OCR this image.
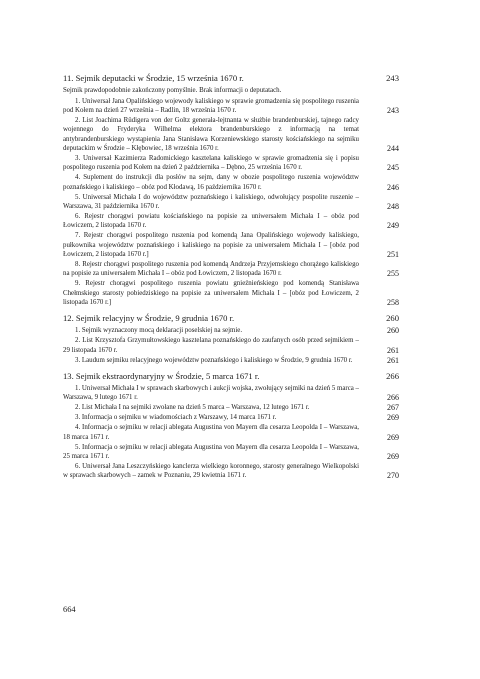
11. Sejmik deputacki w Środzie, 15 września 1670 r.	243
Sejmik prawdopodobnie zakończony pomyślnie. Brak informacji o deputatach.
1. Uniwersał Jana Opalińskiego wojewody kaliskiego w sprawie gromadzenia się pospolitego ruszenia pod Kołem na dzień 27 września – Radlin, 18 września 1670 r.	243
2. List Joachima Rüdigera von der Goltz generała-lejtnanta w służbie brandenburskiej, tajnego radcy wojennego do Fryderyka Wilhelma elektora brandenburskiego z informacją na temat antybrandenburskiego wystąpienia Jana Stanisława Korzeniewskiego starosty kościańskiego na sejmiku deputackim w Środzie – Kłębowiec, 18 września 1670 r.	244
3. Uniwersał Kazimierza Radomickiego kasztelana kaliskiego w sprawie gromadzenia się i popisu pospolitego ruszenia pod Kołem na dzień 2 października – Dębno, 25 września 1670 r.	245
4. Suplement do instrukcji dla posłów na sejm, dany w obozie pospolitego ruszenia województw poznańskiego i kaliskiego – obóz pod Kłodawą, 16 października 1670 r.	246
5. Uniwersał Michała I do województw poznańskiego i kaliskiego, odwołujący pospolite ruszenie – Warszawa, 31 października 1670 r.	248
6. Rejestr chorągwi powiatu kościańskiego na popisie za uniwersałem Michała I – obóz pod Łowiczem, 2 listopada 1670 r.	249
7. Rejestr chorągwi pospolitego ruszenia pod komendą Jana Opalińskiego wojewody kaliskiego, pułkownika województw poznańskiego i kaliskiego na popisie za uniwersałem Michała I – [obóz pod Łowiczem, 2 listopada 1670 r.]	251
8. Rejestr chorągwi pospolitego ruszenia pod komendą Andrzeja Przyjemskiego chorążego kaliskiego na popisie za uniwersałem Michała I – obóz pod Łowiczem, 2 listopada 1670 r.	255
9. Rejestr chorągwi pospolitego ruszenia powiatu gnieźnieńskiego pod komendą Stanisława Chełmskiego starosty pobiedziskiego na popisie za uniwersałem Michała I – [obóz pod Łowiczem, 2 listopada 1670 r.]	258
12. Sejmik relacyjny w Środzie, 9 grudnia 1670 r.	260
1. Sejmik wyznaczony mocą deklaracji poselskiej na sejmie.	260
2. List Krzysztofa Grzymułtowskiego kasztelana poznańskiego do zaufanych osób przed sejmikiem – 29 listopada 1670 r.	261
3. Laudum sejmiku relacyjnego województw poznańskiego i kaliskiego w Środzie, 9 grudnia 1670 r.	261
13. Sejmik ekstraordynaryjny w Środzie, 5 marca 1671 r.	266
1. Uniwersał Michała I w sprawach skarbowych i aukcji wojska, zwołujący sejmiki na dzień 5 marca – Warszawa, 9 lutego 1671 r.	266
2. List Michała I na sejmiki zwołane na dzień 5 marca – Warszawa, 12 lutego 1671 r.	267
3. Informacja o sejmiku w wiadomościach z Warszawy, 14 marca 1671 r.	269
4. Informacja o sejmiku w relacji ablegata Augustina von Mayern dla cesarza Leopolda I – Warszawa, 18 marca 1671 r.	269
5. Informacja o sejmiku w relacji ablegata Augustina von Mayern dla cesarza Leopolda I – Warszawa, 25 marca 1671 r.	269
6. Uniwersał Jana Leszczyńskiego kanclerza wielkiego koronnego, starosty generalnego Wielkopolski w sprawach skarbowych – zamek w Poznaniu, 29 kwietnia 1671 r.	270
664
